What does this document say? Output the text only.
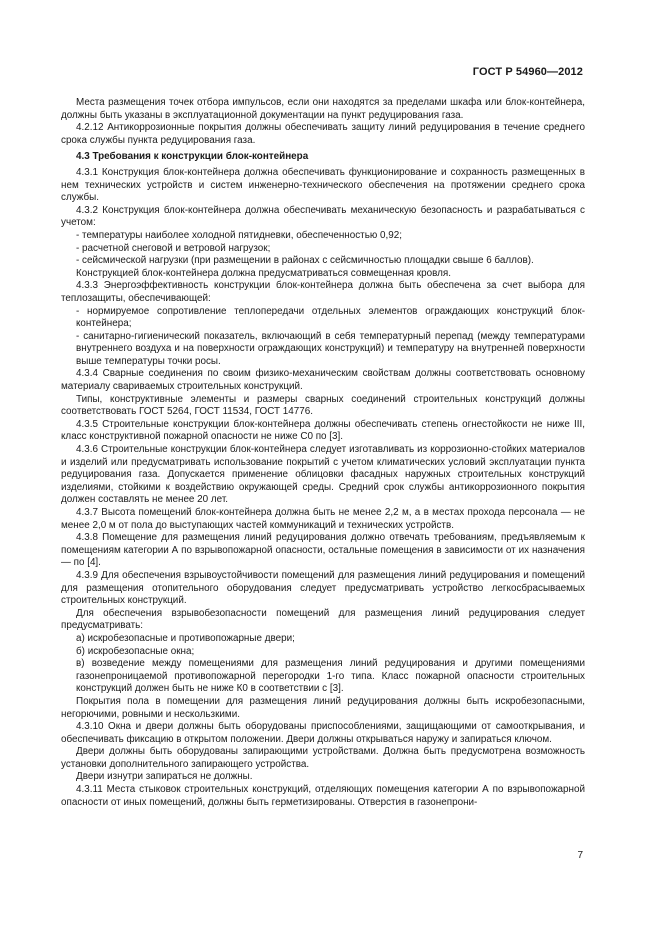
ГОСТ Р 54960—2012

Места размещения точек отбора импульсов, если они находятся за пределами шкафа или блок-контейнера, должны быть указаны в эксплуатационной документации на пункт редуцирования газа.

4.2.12 Антикоррозионные покрытия должны обеспечивать защиту линий редуцирования в течение среднего срока службы пункта редуцирования газа.

4.3 Требования к конструкции блок-контейнера

4.3.1 Конструкция блок-контейнера должна обеспечивать функционирование и сохранность размещенных в нем технических устройств и систем инженерно-технического обеспечения на протяжении среднего срока службы.

4.3.2 Конструкция блок-контейнера должна обеспечивать механическую безопасность и разрабатываться с учетом:

- температуры наиболее холодной пятидневки, обеспеченностью 0,92;

- расчетной снеговой и ветровой нагрузок;

- сейсмической нагрузки (при размещении в районах с сейсмичностью площадки свыше 6 баллов).

Конструкцией блок-контейнера должна предусматриваться совмещенная кровля.

4.3.3 Энергоэффективность конструкции блок-контейнера должна быть обеспечена за счет выбора для теплозащиты, обеспечивающей:

- нормируемое сопротивление теплопередачи отдельных элементов ограждающих конструкций блок-контейнера;

- санитарно-гигиенический показатель, включающий в себя температурный перепад (между температурами внутреннего воздуха и на поверхности ограждающих конструкций) и температуру на внутренней поверхности выше температуры точки росы.

4.3.4 Сварные соединения по своим физико-механическим свойствам должны соответствовать основному материалу свариваемых строительных конструкций.

Типы, конструктивные элементы и размеры сварных соединений строительных конструкций должны соответствовать ГОСТ 5264, ГОСТ 11534, ГОСТ 14776.

4.3.5 Строительные конструкции блок-контейнера должны обеспечивать степень огнестойкости не ниже III, класс конструктивной пожарной опасности не ниже С0 по [3].

4.3.6 Строительные конструкции блок-контейнера следует изготавливать из коррозионно-стойких материалов и изделий или предусматривать использование покрытий с учетом климатических условий эксплуатации пункта редуцирования газа. Допускается применение облицовки фасадных наружных строительных конструкций изделиями, стойкими к воздействию окружающей среды. Средний срок службы антикоррозионного покрытия должен составлять не менее 20 лет.

4.3.7 Высота помещений блок-контейнера должна быть не менее 2,2 м, а в местах прохода персонала — не менее 2,0 м от пола до выступающих частей коммуникаций и технических устройств.

4.3.8 Помещение для размещения линий редуцирования должно отвечать требованиям, предъявляемым к помещениям категории А по взрывопожарной опасности, остальные помещения в зависимости от их назначения — по [4].

4.3.9 Для обеспечения взрывоустойчивости помещений для размещения линий редуцирования и помещений для размещения отопительного оборудования следует предусматривать устройство легкосбрасываемых строительных конструкций.

Для обеспечения взрывобезопасности помещений для размещения линий редуцирования следует предусматривать:

а) искробезопасные и противопожарные двери;

б) искробезопасные окна;

в) возведение между помещениями для размещения линий редуцирования и другими помещениями газонепроницаемой противопожарной перегородки 1-го типа. Класс пожарной опасности строительных конструкций должен быть не ниже К0 в соответствии с [3].

Покрытия пола в помещении для размещения линий редуцирования должны быть искробезопасными, негорючими, ровными и нескользкими.

4.3.10 Окна и двери должны быть оборудованы приспособлениями, защищающими от самооткрывания, и обеспечивать фиксацию в открытом положении. Двери должны открываться наружу и запираться ключом.

Двери должны быть оборудованы запирающими устройствами. Должна быть предусмотрена возможность установки дополнительного запирающего устройства.

Двери изнутри запираться не должны.

4.3.11 Места стыковок строительных конструкций, отделяющих помещения категории А по взрывопожарной опасности от иных помещений, должны быть герметизированы. Отверстия в газонепрони-

7
